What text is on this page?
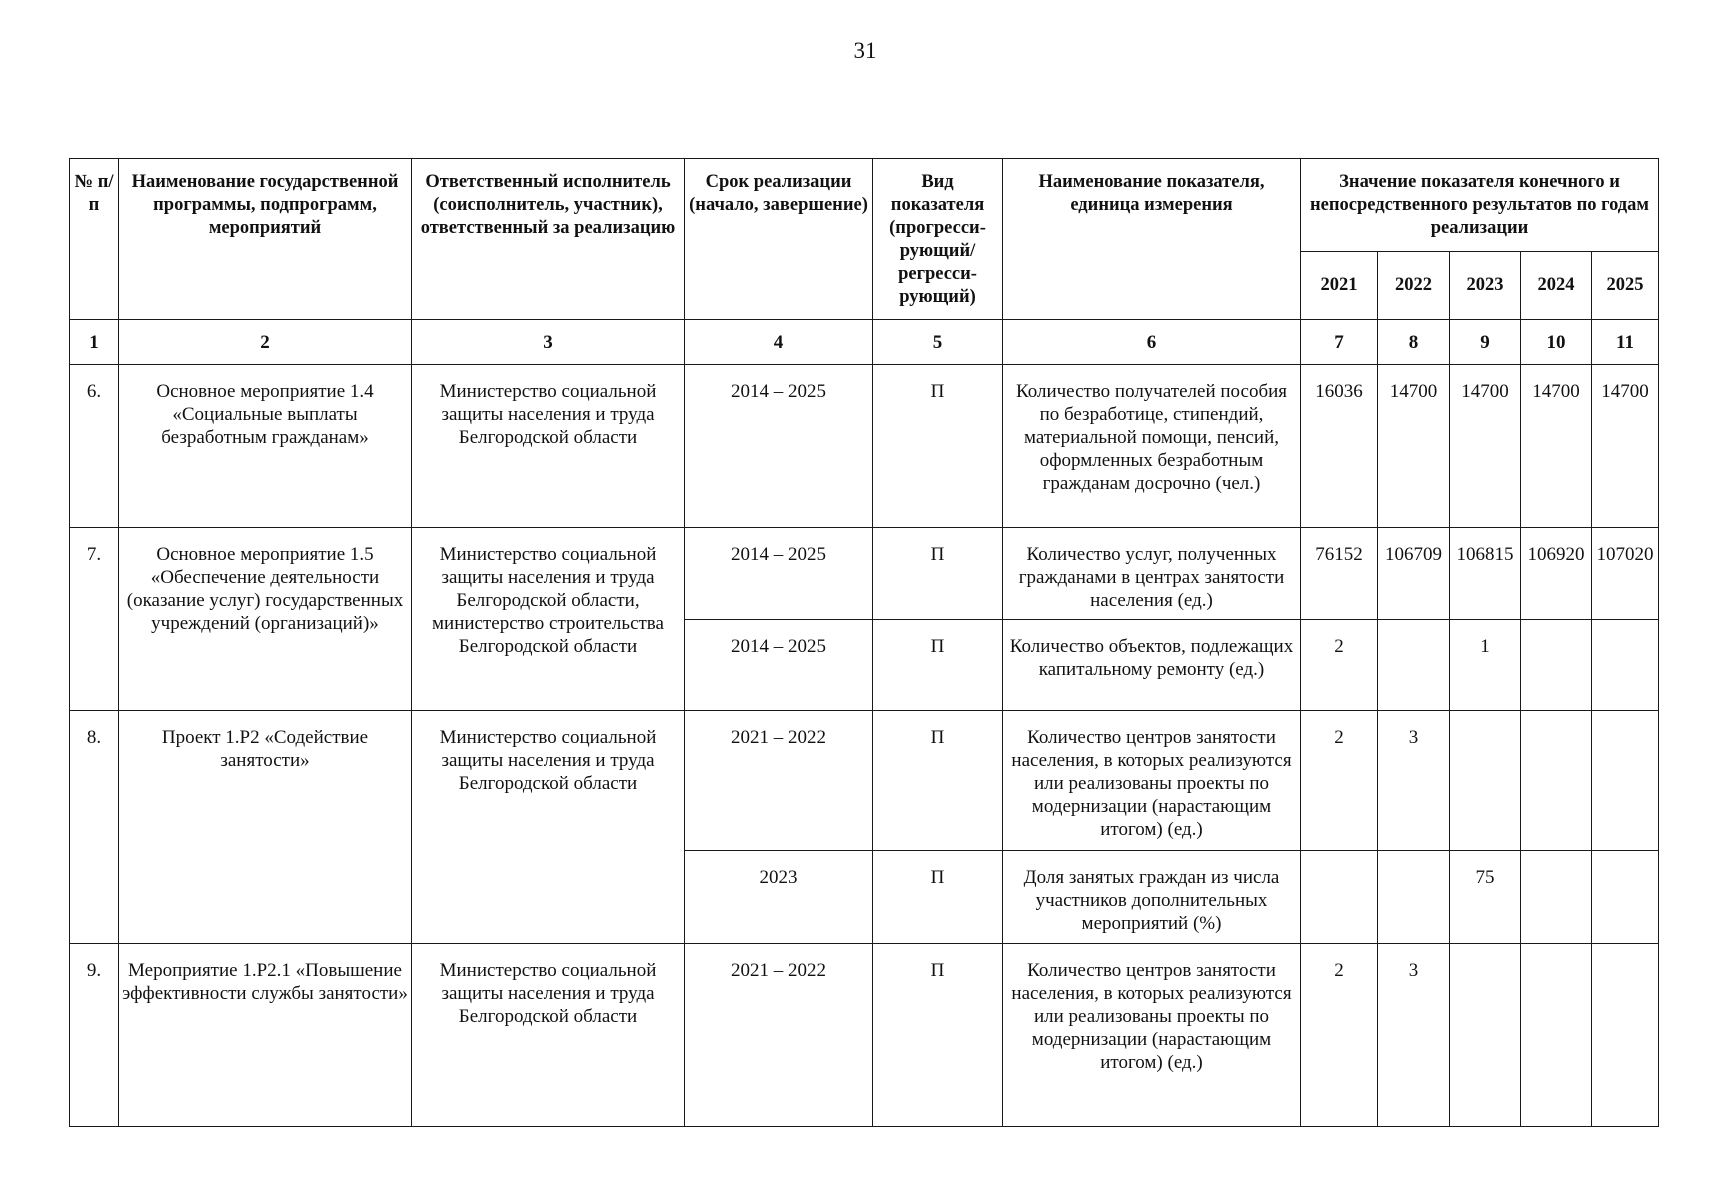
31
№ п/п	Наименование государственной программы, подпрограмм, мероприятий	Ответственный исполнитель (соисполнитель, участник), ответственный за реализацию	Срок реализации (начало, завершение)	Вид показателя (прогресси-рующий/ регресси-рующий)	Наименование показателя, единица измерения	Значение показателя конечного и непосредственного результатов по годам реализации				
						2021	2022	2023	2024	2025
1	2	3	4	5	6	7	8	9	10	11
6.	Основное мероприятие 1.4 «Социальные выплаты безработным гражданам»	Министерство социальной защиты населения и труда Белгородской области	2014 – 2025	П	Количество получателей пособия по безработице, стипендий, материальной помощи, пенсий, оформленных безработным гражданам досрочно (чел.)	16036	14700	14700	14700	14700
7.	Основное мероприятие 1.5 «Обеспечение деятельности (оказание услуг) государственных учреждений (организаций)»	Министерство социальной защиты населения и труда Белгородской области, министерство строительства Белгородской области	2014 – 2025	П	Количество услуг, полученных гражданами в центрах занятости населения (ед.)	76152	106709	106815	106920	107020
			2014 – 2025	П	Количество объектов, подлежащих капитальному ремонту (ед.)	2		1		
8.	Проект 1.Р2 «Содействие занятости»	Министерство социальной защиты населения и труда Белгородской области	2021 – 2022	П	Количество центров занятости населения, в которых реализуются или реализованы проекты по модернизации (нарастающим итогом) (ед.)	2	3			
			2023	П	Доля занятых граждан из числа участников дополнительных мероприятий (%)			75		
9.	Мероприятие 1.Р2.1 «Повышение эффективности службы занятости»	Министерство социальной защиты населения и труда Белгородской области	2021 – 2022	П	Количество центров занятости населения, в которых реализуются или реализованы проекты по модернизации (нарастающим итогом) (ед.)	2	3			
